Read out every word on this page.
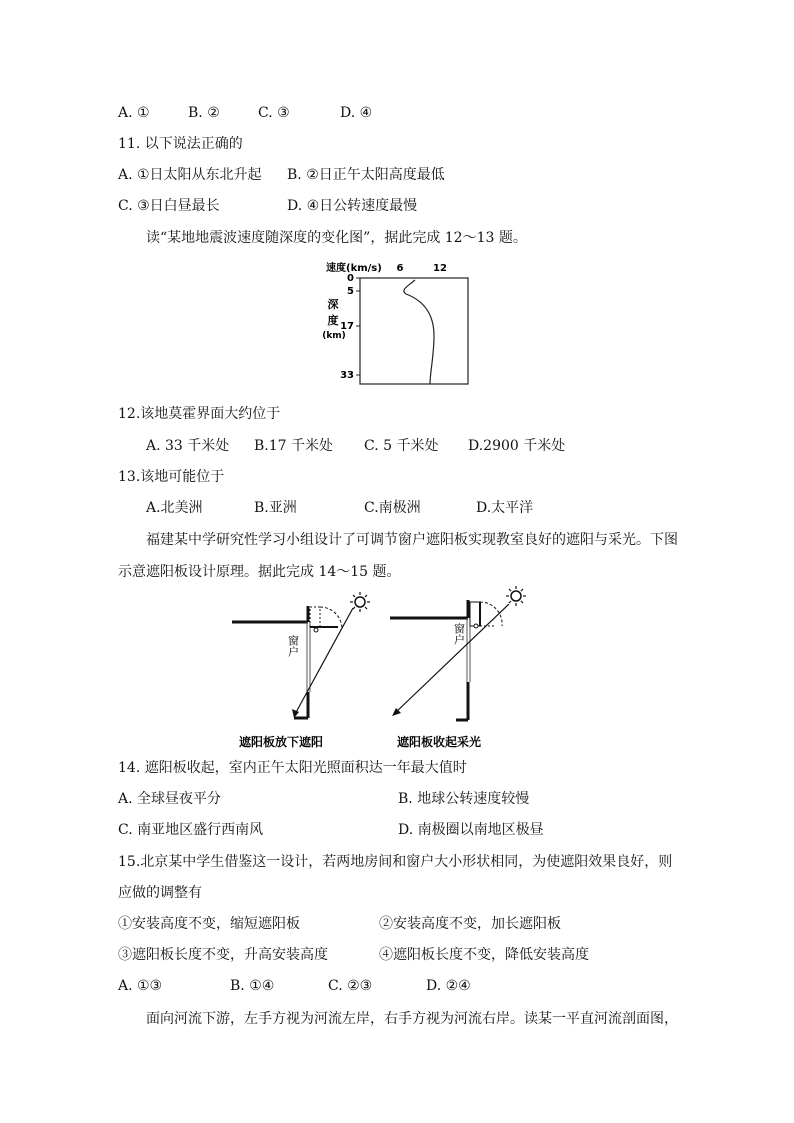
A. ①	B. ②	C. ③	D. ④
11. 以下说法正确的
A. ①日太阳从东北升起 B. ②日正午太阳高度最低
C. ③日白昼最长	D. ④日公转速度最慢
读“某地地震波速度随深度的变化图”，据此完成 12～13 题。
速度(km/s) 6	12
0
5
17
33
深
度
(km)
12.该地莫霍界面大约位于
A. 33 千米处 B.17 千米处 C. 5 千米处 D.2900 千米处
13.该地可能位于
A.北美洲	B.亚洲	C.南极洲	D.太平洋
福建某中学研究性学习小组设计了可调节窗户遮阳板实现教室良好的遮阳与采光。下图
示意遮阳板设计原理。据此完成 14～15 题。
窗户
遮阳板放下遮阳
窗户
遮阳板收起采光
14. 遮阳板收起，室内正午太阳光照面积达一年最大值时
A. 全球昼夜平分	B. 地球公转速度较慢
C. 南亚地区盛行西南风	D. 南极圈以南地区极昼
15.北京某中学生借鉴这一设计，若两地房间和窗户大小形状相同，为使遮阳效果良好，则
应做的调整有
①安装高度不变，缩短遮阳板	②安装高度不变，加长遮阳板
③遮阳板长度不变，升高安装高度	④遮阳板长度不变，降低安装高度
A. ①③	B. ①④	C. ②③	D. ②④
面向河流下游，左手方视为河流左岸，右手方视为河流右岸。读某一平直河流剖面图，
